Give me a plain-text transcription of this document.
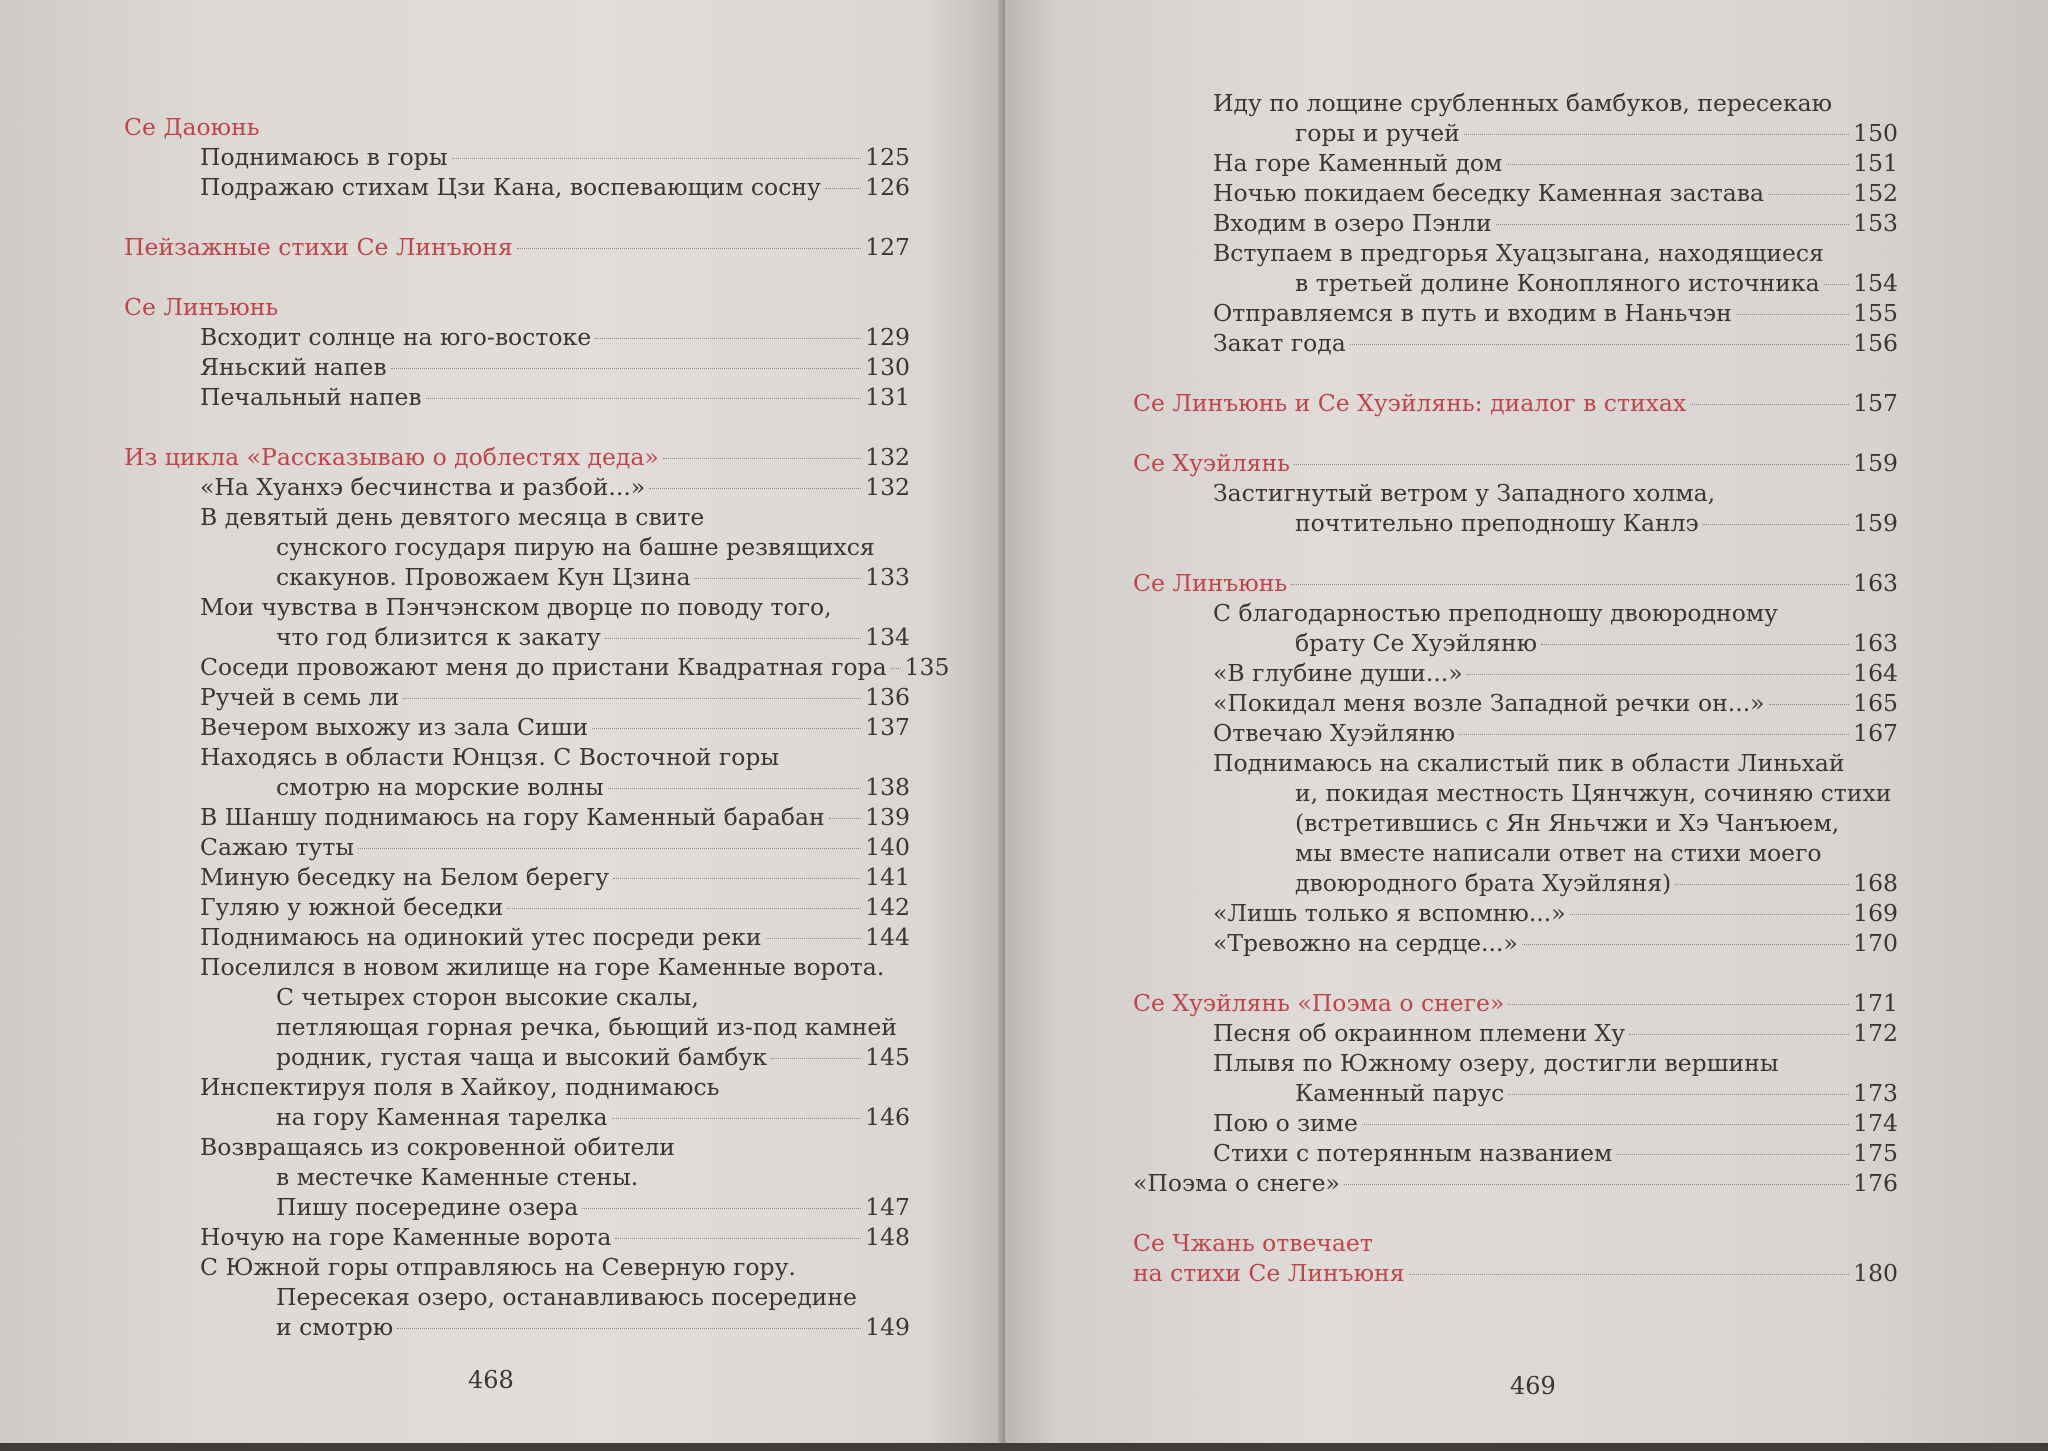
Се Даоюнь
Поднимаюсь в горы	125
Подражаю стихам Цзи Кана, воспевающим сосну 126
Пейзажные стихи Се Линъюня	127
Се Линъюнь
Всходит солнце на юго-востоке	129
Яньский напев	130
Печальный напев	131
Из цикла «Рассказываю о доблестях деда»	132
«На Хуанхэ бесчинства и разбой...»	132
В девятый день девятого месяца в свите
сунского государя пирую на башне резвящихся
скакунов. Провожаем Кун Цзина	133
Мои чувства в Пэнчэнском дворце по поводу того,
что год близится к закату	134
Соседи провожают меня до пристани Квадратная гора 135
Ручей в семь ли	136
Вечером выхожу из зала Сиши	137
Находясь в области Юнцзя. С Восточной горы
смотрю на морские волны	138
В Шаншу поднимаюсь на гору Каменный барабан 139
Сажаю туты	140
Миную беседку на Белом берегу	141
Гуляю у южной беседки	142
Поднимаюсь на одинокий утес посреди реки	144
Поселился в новом жилище на горе Каменные ворота.
С четырех сторон высокие скалы,
петляющая горная речка, бьющий из-под камней
родник, густая чаща и высокий бамбук	145
Инспектируя поля в Хайкоу, поднимаюсь
на гору Каменная тарелка	146
Возвращаясь из сокровенной обители
в местечке Каменные стены.
Пишу посередине озера	147
Ночую на горе Каменные ворота	148
С Южной горы отправляюсь на Северную гору.
Пересекая озеро, останавливаюсь посередине
и смотрю	149
Иду по лощине срубленных бамбуков, пересекаю
горы и ручей	150
На горе Каменный дом	151
Ночью покидаем беседку Каменная застава	152
Входим в озеро Пэнли	153
Вступаем в предгорья Хуацзыгана, находящиеся
в третьей долине Конопляного источника 154
Отправляемся в путь и входим в Наньчэн	155
Закат года	156
Се Линъюнь и Се Хуэйлянь: диалог в стихах	157
Се Хуэйлянь	159
Застигнутый ветром у Западного холма,
почтительно преподношу Канлэ	159
Се Линъюнь	163
С благодарностью преподношу двоюродному
брату Се Хуэйляню	163
«В глубине души...»	164
«Покидал меня возле Западной речки он...»	165
Отвечаю Хуэйляню	167
Поднимаюсь на скалистый пик в области Линьхай
и, покидая местность Цянчжун, сочиняю стихи
(встретившись с Ян Яньчжи и Хэ Чанъюем,
мы вместе написали ответ на стихи моего
двоюродного брата Хуэйляня)	168
«Лишь только я вспомню...»	169
«Тревожно на сердце...»	170
Се Хуэйлянь «Поэма о снеге»	171
Песня об окраинном племени Ху	172
Плывя по Южному озеру, достигли вершины
Каменный парус	173
Пою о зиме	174
Стихи с потерянным названием	175
«Поэма о снеге»	176
Се Чжань отвечает
на стихи Се Линъюня	180
468	469
